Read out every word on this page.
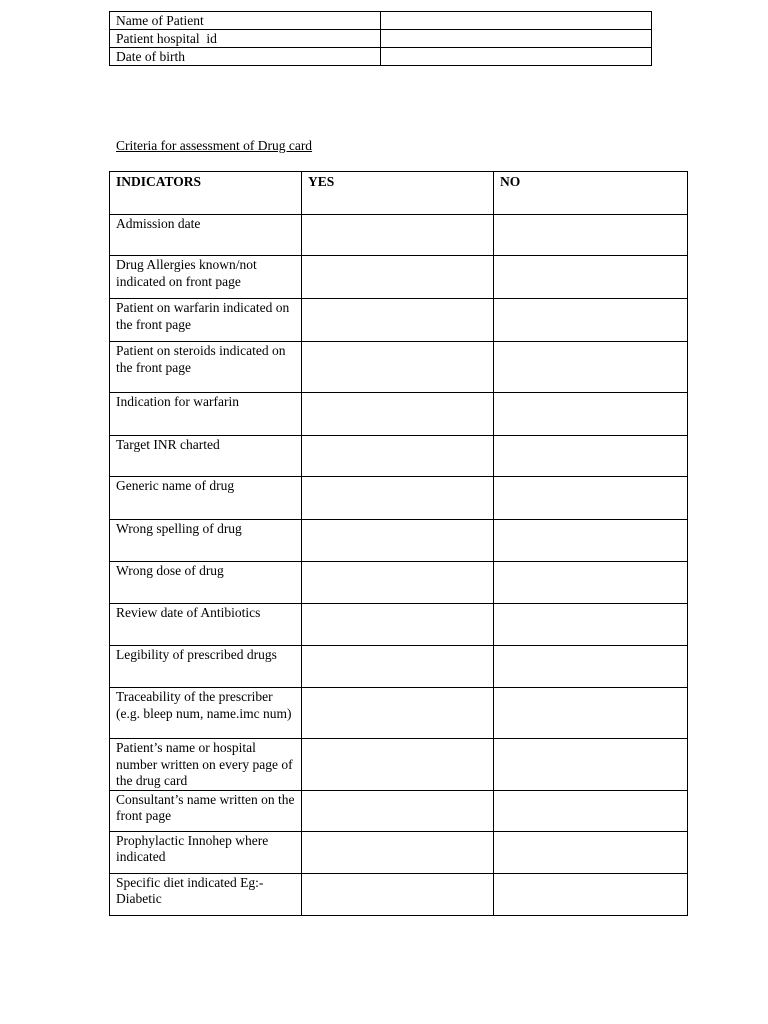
Name of Patient	
Patient hospital  id	
Date of birth	
Criteria for assessment of Drug card
INDICATORS	YES	NO
Admission date		
Drug Allergies known/not indicated on front page		
Patient on warfarin indicated on the front page		
Patient on steroids indicated on the front page		
Indication for warfarin		
Target INR charted		
Generic name of drug		
Wrong spelling of drug		
Wrong dose of drug		
Review date of Antibiotics		
Legibility of prescribed drugs		
Traceability of the prescriber (e.g. bleep num, name.imc num)		
Patient’s name or hospital number written on every page of the drug card		
Consultant’s name written on the front page		
Prophylactic Innohep where indicated		
Specific diet indicated Eg:- Diabetic		
